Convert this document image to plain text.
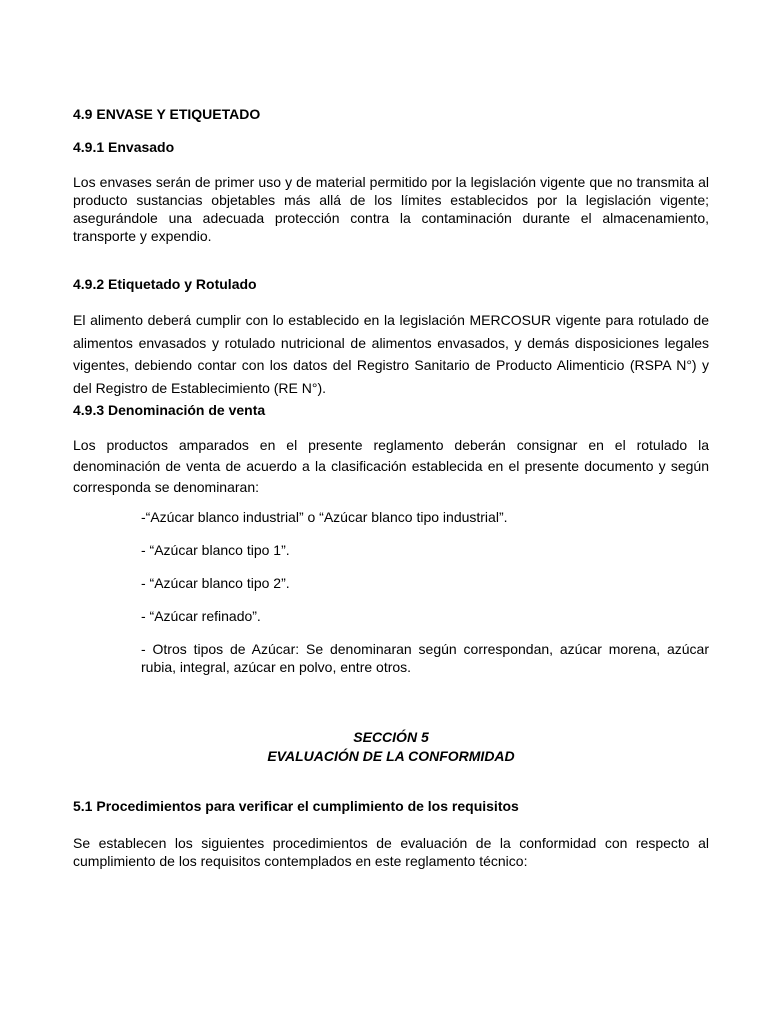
4.9 ENVASE Y ETIQUETADO
4.9.1 Envasado
Los envases serán de primer uso y de material permitido por la legislación vigente que no transmita al producto sustancias objetables más allá de los límites establecidos por la legislación vigente; asegurándole una adecuada protección contra la contaminación durante el almacenamiento, transporte y expendio.
4.9.2 Etiquetado y Rotulado
El alimento deberá cumplir con lo establecido en la legislación MERCOSUR vigente para rotulado de alimentos envasados y rotulado nutricional de alimentos envasados, y demás disposiciones legales vigentes, debiendo contar con los datos del Registro Sanitario de Producto Alimenticio (RSPA N°) y del Registro de Establecimiento (RE N°).
4.9.3 Denominación de venta
Los productos amparados en el presente reglamento deberán consignar en el rotulado la denominación de venta de acuerdo a la clasificación establecida en el presente documento y según corresponda se denominaran:
-“Azúcar blanco industrial” o “Azúcar blanco tipo industrial”.
- “Azúcar blanco tipo 1”.
- “Azúcar blanco tipo 2”.
- “Azúcar refinado”.
- Otros tipos de Azúcar: Se denominaran según correspondan, azúcar morena, azúcar rubia, integral, azúcar en polvo, entre otros.
SECCIÓN 5
EVALUACIÓN DE LA CONFORMIDAD
5.1 Procedimientos para verificar el cumplimiento de los requisitos
Se establecen los siguientes procedimientos de evaluación de la conformidad con respecto al cumplimiento de los requisitos contemplados en este reglamento técnico:
